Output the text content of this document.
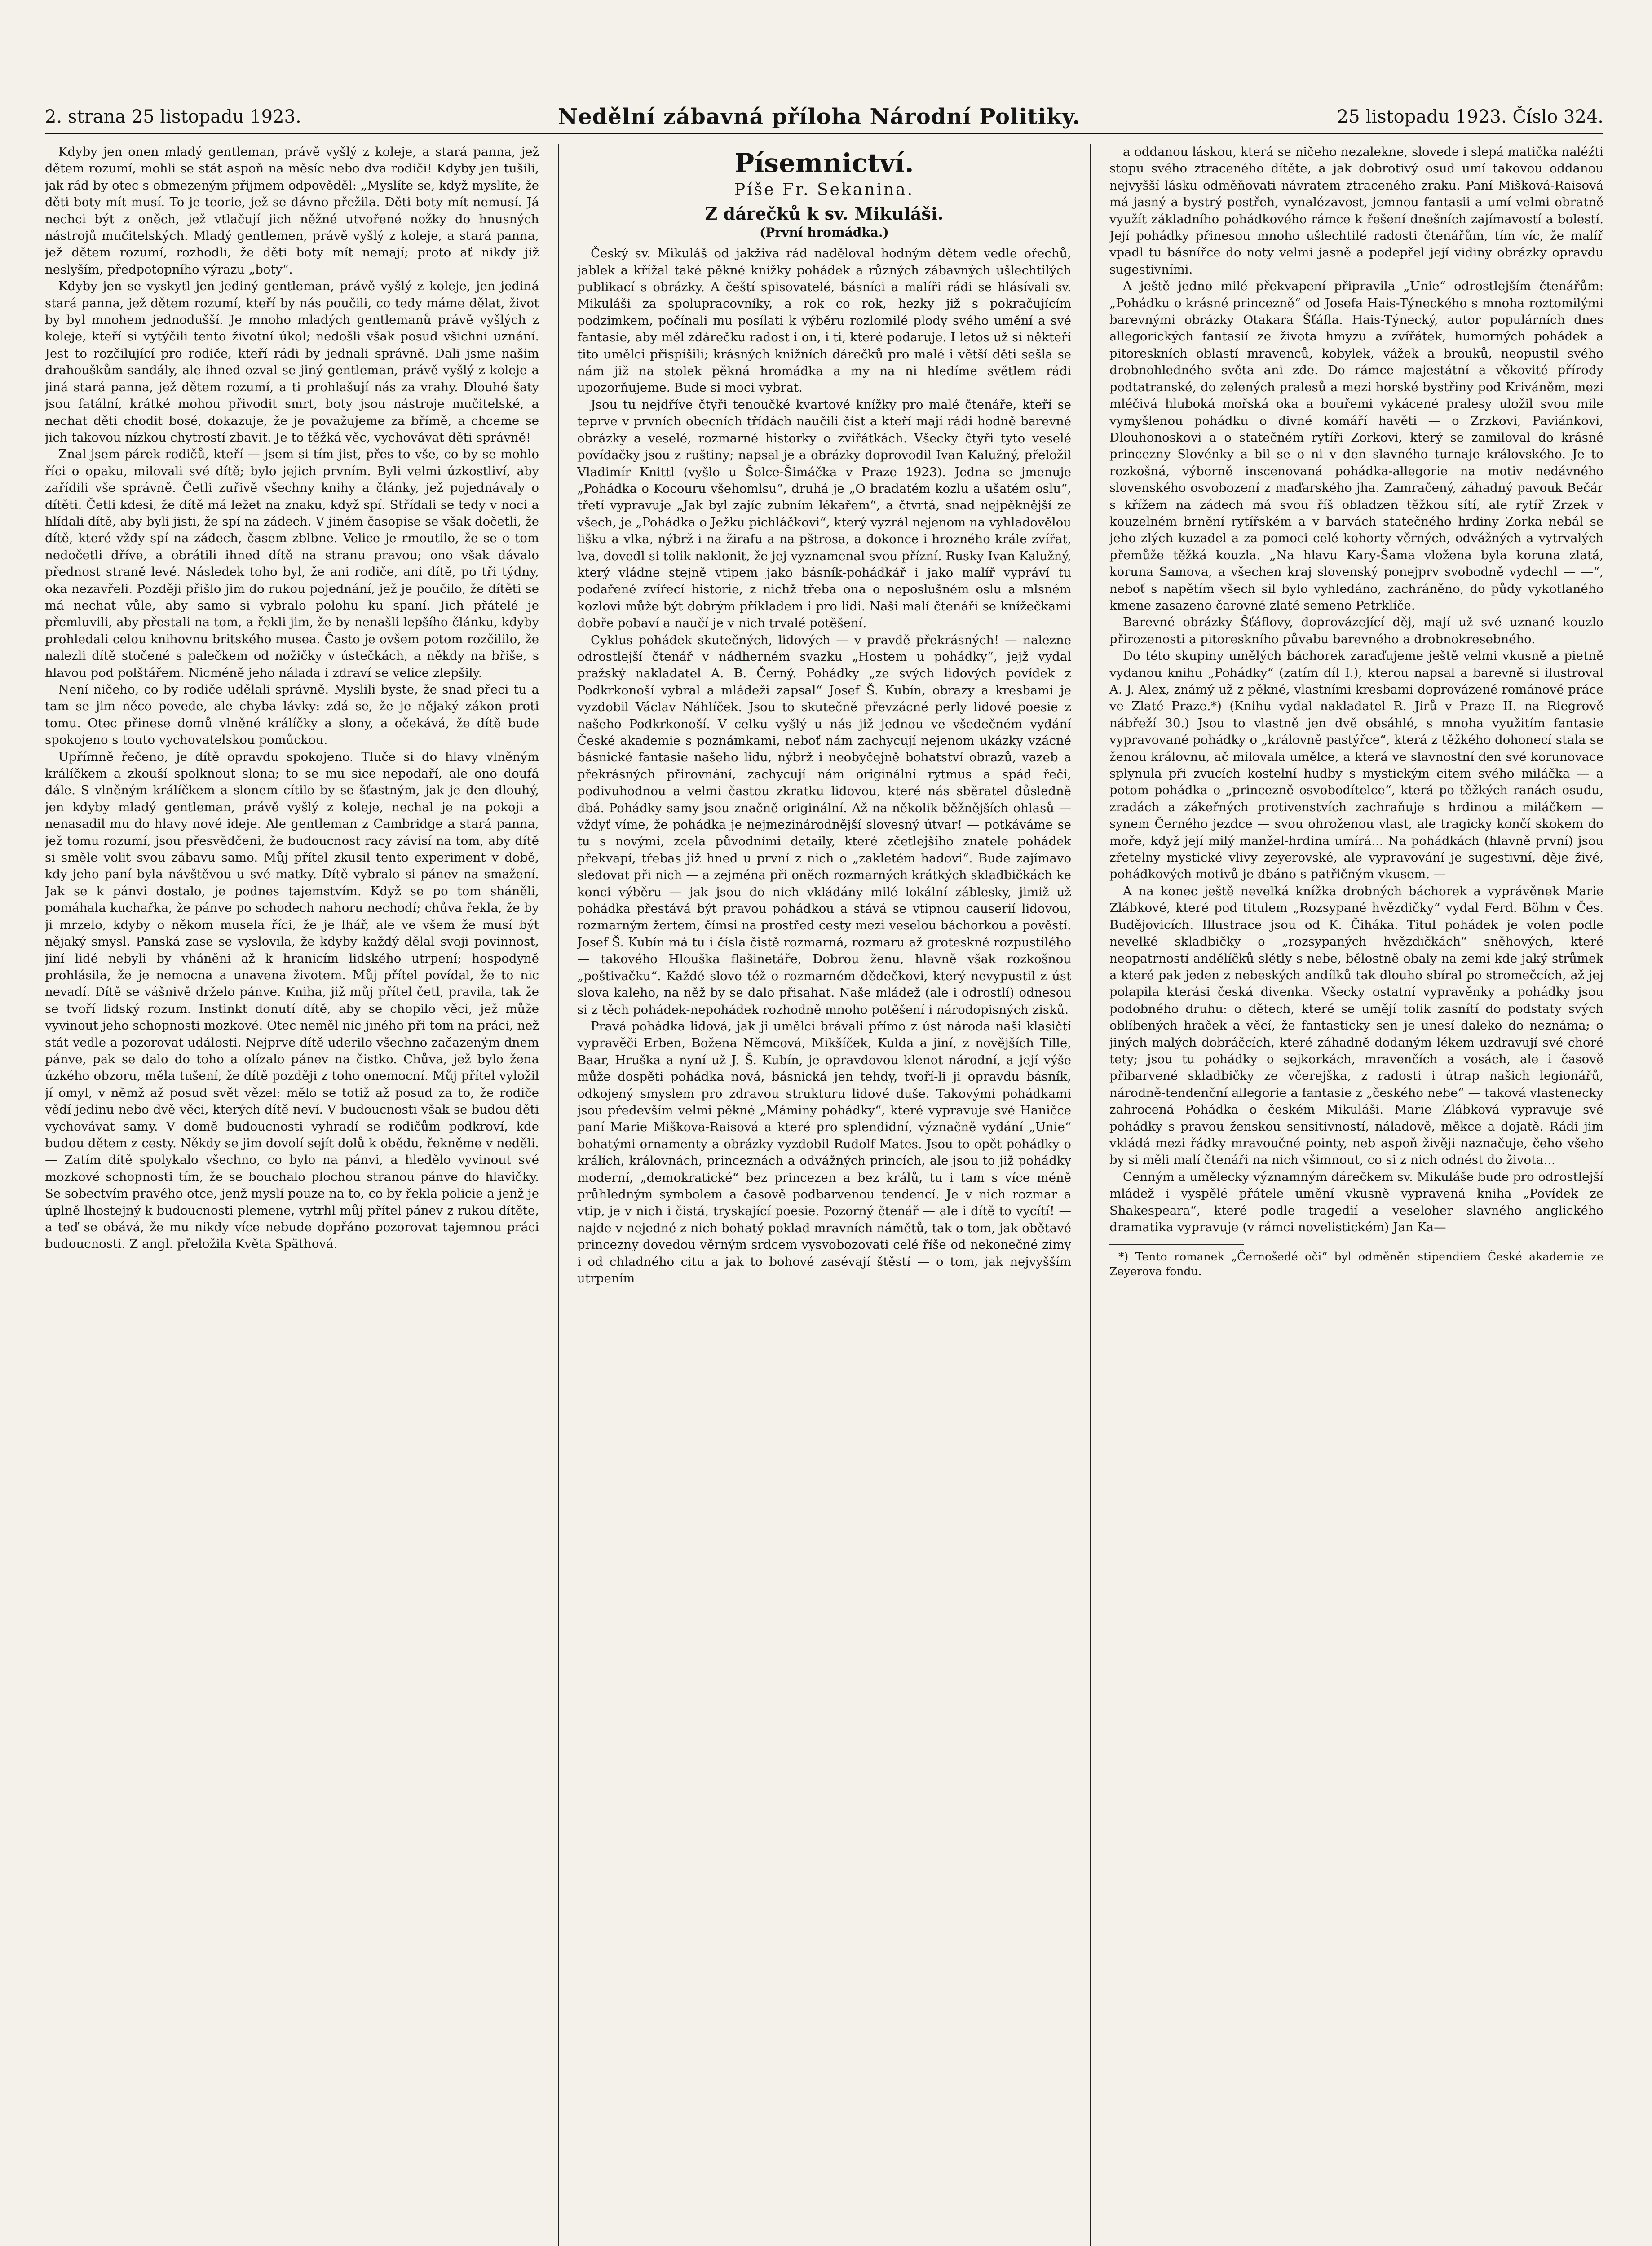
2. strana 25 listopadu 1923.	Nedělní zábavná příloha Národní Politiky.	25 listopadu 1923. Číslo 324.

Kdyby jen onen mladý gentleman, právě vyšlý z koleje, a stará panna, jež dětem rozumí, mohli se stát aspoň na měsíc nebo dva rodiči! Kdyby jen tušili, jak rád by otec s obmezeným přijmem odpověděl: „Myslíte se, když myslíte, že děti boty mít musí. To je teorie, jež se dávno přežila. Děti boty mít nemusí. Já nechci být z oněch, jež vtlačují jich něžné utvořené nožky do hnusných nástrojů mučitelských. Mladý gentlemen, právě vyšlý z koleje, a stará panna, jež dětem rozumí, rozhodli, že děti boty mít nemají; proto ať nikdy již neslyším, předpotopního výrazu „boty“.

Kdyby jen se vyskytl jen jediný gentleman, právě vyšlý z koleje, jen jediná stará panna, jež dětem rozumí, kteří by nás poučili, co tedy máme dělat, život by byl mnohem jednodušší. Je mnoho mladých gentlemanů právě vyšlých z koleje, kteří si vytýčili tento životní úkol; nedošli však posud všichni uznání. Jest to rozčilující pro rodiče, kteří rádi by jednali správně. Dali jsme našim drahouškům sandály, ale ihned ozval se jiný gentleman, právě vyšlý z koleje a jiná stará panna, jež dětem rozumí, a ti prohlašují nás za vrahy. Dlouhé šaty jsou fatální, krátké mohou přivodit smrt, boty jsou nástroje mučitelské, a nechat děti chodit bosé, dokazuje, že je považujeme za břímě, a chceme se jich takovou nízkou chytrostí zbavit. Je to těžká věc, vychovávat děti správně!

Znal jsem párek rodičů, kteří — jsem si tím jist, přes to vše, co by se mohlo říci o opaku, milovali své dítě; bylo jejich prvním. Byli velmi úzkostliví, aby zařídili vše správně. Četli zuřivě všechny knihy a články, jež pojednávaly o dítěti. Četli kdesi, že dítě má ležet na znaku, když spí. Střídali se tedy v noci a hlídali dítě, aby byli jisti, že spí na zádech. V jiném časopise se však dočetli, že dítě, které vždy spí na zádech, časem zblbne. Velice je rmoutilo, že se o tom nedočetli dříve, a obrátili ihned dítě na stranu pravou; ono však dávalo přednost straně levé. Následek toho byl, že ani rodiče, ani dítě, po tři týdny, oka nezavřeli. Později přišlo jim do rukou pojednání, jež je poučilo, že dítěti se má nechat vůle, aby samo si vybralo polohu ku spaní. Jich přátelé je přemluvili, aby přestali na tom, a řekli jim, že by nenašli lepšího článku, kdyby prohledali celou knihovnu britského musea. Často je ovšem potom rozčililo, že nalezli dítě stočené s palečkem od nožičky v ústečkách, a někdy na břiše, s hlavou pod polštářem. Nicméně jeho nálada i zdraví se velice zlepšily.

Není ničeho, co by rodiče udělali správně. Myslili byste, že snad přeci tu a tam se jim něco povede, ale chyba lávky: zdá se, že je nějaký zákon proti tomu. Otec přinese domů vlněné králíčky a slony, a očekává, že dítě bude spokojeno s touto vychovatelskou pomůckou.

Upřímně řečeno, je dítě opravdu spokojeno. Tluče si do hlavy vlněným králíčkem a zkouší spolknout slona; to se mu sice nepodaří, ale ono doufá dále. S vlněným králíčkem a slonem cítilo by se šťastným, jak je den dlouhý, jen kdyby mladý gentleman, právě vyšlý z koleje, nechal je na pokoji a nenasadil mu do hlavy nové ideje. Ale gentleman z Cambridge a stará panna, jež tomu rozumí, jsou přesvědčeni, že budoucnost racy závisí na tom, aby dítě si směle volit svou zábavu samo. Můj přítel zkusil tento experiment v době, kdy jeho paní byla návštěvou u své matky. Dítě vybralo si pánev na smažení. Jak se k pánvi dostalo, je podnes tajemstvím. Když se po tom sháněli, pomáhala kuchařka, že pánve po schodech nahoru nechodí; chůva řekla, že by ji mrzelo, kdyby o někom musela říci, že je lhář, ale ve všem že musí být nějaký smysl. Panská zase se vyslovila, že kdyby každý dělal svoji povinnost, jiní lidé nebyli by vháněni až k hranicím lidského utrpení; hospodyně prohlásila, že je nemocna a unavena životem. Můj přítel povídal, že to nic nevadí. Dítě se vášnivě drželo pánve. Kniha, již můj přítel četl, pravila, tak že se tvoří lidský rozum. Instinkt donutí dítě, aby se chopilo věci, jež může vyvinout jeho schopnosti mozkové. Otec neměl nic jiného při tom na práci, než stát vedle a pozorovat události. Nejprve dítě uderilo všechno začazeným dnem pánve, pak se dalo do toho a olízalo pánev na čistko. Chůva, jež bylo žena úzkého obzoru, měla tušení, že dítě později z toho onemocní. Můj přítel vyložil jí omyl, v němž až posud svět vězel: mělo se totiž až posud za to, že rodiče vědí jedinu nebo dvě věci, kterých dítě neví. V budoucnosti však se budou děti vychovávat samy. V domě budoucnosti vyhradí se rodičům podkroví, kde budou dětem z cesty. Někdy se jim dovolí sejít dolů k obědu, řekněme v neděli. — Zatím dítě spolykalo všechno, co bylo na pánvi, a hledělo vyvinout své mozkové schopnosti tím, že se bouchalo plochou stranou pánve do hlavičky. Se sobectvím pravého otce, jenž myslí pouze na to, co by řekla policie a jenž je úplně lhostejný k budoucnosti plemene, vytrhl můj přítel pánev z rukou dítěte, a teď se obává, že mu nikdy více nebude dopřáno pozorovat tajemnou práci budoucnosti. Z angl. přeložila Květa Späthová.

Písemnictví.
Píše Fr. Sekanina.
Z dárečků k sv. Mikuláši.
(První hromádka.)

Český sv. Mikuláš od jakživa rád naděloval hodným dětem vedle ořechů, jablek a křížal také pěkné knížky pohádek a různých zábavných ušlechtilých publikací s obrázky. A čeští spisovatelé, básníci a malíři rádi se hlásívali sv. Mikuláši za spolupracovníky, a rok co rok, hezky již s pokračujícím podzimkem, počínali mu posílati k výběru rozlomilé plody svého umění a své fantasie, aby měl zdárečku radost i on, i ti, které podaruje. I letos už si někteří tito umělci přispíšili; krásných knižních dárečků pro malé i větší děti sešla se nám již na stolek pěkná hromádka a my na ni hledíme světlem rádi upozorňujeme. Bude si moci vybrat.

Jsou tu nejdříve čtyři tenoučké kvartové knížky pro malé čtenáře, kteří se teprve v prvních obecních třídách naučili číst a kteří mají rádi hodně barevné obrázky a veselé, rozmarné historky o zvířátkách. Všecky čtyři tyto veselé povídačky jsou z ruštiny; napsal je a obrázky doprovodil Ivan Kalužný, přeložil Vladimír Knittl (vyšlo u Šolce-Šimáčka v Praze 1923). Jedna se jmenuje „Pohádka o Kocouru všehomlsu“, druhá je „O bradatém kozlu a ušatém oslu“, třetí vypravuje „Jak byl zajíc zubním lékařem“, a čtvrtá, snad nejpěknější ze všech, je „Pohádka o Ježku pichláčkovi“, který vyzrál nejenom na vyhladovělou lišku a vlka, nýbrž i na žirafu a na pštrosa, a dokonce i hrozného krále zvířat, lva, dovedl si tolik naklonit, že jej vyznamenal svou přízní. Rusky Ivan Kalužný, který vládne stejně vtipem jako básník-pohádkář i jako malíř vypráví tu podařené zvířecí historie, z nichž třeba ona o neposlušném oslu a mlsném kozlovi může být dobrým příkladem i pro lidi. Naši malí čtenáři se knížečkami dobře pobaví a naučí je v nich trvalé potěšení.

Cyklus pohádek skutečných, lidových — v pravdě překrásných! — nalezne odrostlejší čtenář v nádherném svazku „Hostem u pohádky“, jejž vydal pražský nakladatel A. B. Černý. Pohádky „ze svých lidových povídek z Podkrkonoší vybral a mládeži zapsal“ Josef Š. Kubín, obrazy a kresbami je vyzdobil Václav Náhlíček. Jsou to skutečně převzácné perly lidové poesie z našeho Podkrkonoší. V celku vyšlý u nás již jednou ve všedečném vydání České akademie s poznámkami, neboť nám zachycují nejenom ukázky vzácné básnické fantasie našeho lidu, nýbrž i neobyčejně bohatství obrazů, vazeb a překrásných přirovnání, zachycují nám originální rytmus a spád řeči, podivuhodnou a velmi častou zkratku lidovou, které nás sběratel důsledně dbá. Pohádky samy jsou značně originální. Až na několik běžnějších ohlasů — vždyť víme, že pohádka je nejmezinárodnější slovesný útvar! — potkáváme se tu s novými, zcela původními detaily, které zčetlejšího znatele pohádek překvapí, třebas již hned u první z nich o „zakletém hadovi“. Bude zajímavo sledovat při nich — a zejména při oněch rozmarných krátkých skladbičkách ke konci výběru — jak jsou do nich vkládány milé lokální záblesky, jimiž už pohádka přestává být pravou pohádkou a stává se vtipnou causerií lidovou, rozmarným žertem, čímsi na prostřed cesty mezi veselou báchorkou a pověstí. Josef Š. Kubín má tu i čísla čistě rozmarná, rozmaru až groteskně rozpustilého — takového Hlouška flašinetáře, Dobrou ženu, hlavně však rozkošnou „poštivačku“. Každé slovo též o rozmarném dědečkovi, který nevypustil z úst slova kaleho, na něž by se dalo přisahat. Naše mládež (ale i odrostlí) odnesou si z těch pohádek-nepohádek rozhodně mnoho potěšení i národopisných zisků.

Pravá pohádka lidová, jak ji umělci brávali přímo z úst národa naši klasičtí vypravěči Erben, Božena Němcová, Mikšíček, Kulda a jiní, z novějších Tille, Baar, Hruška a nyní už J. Š. Kubín, je opravdovou klenot národní, a její výše může dospěti pohádka nová, básnická jen tehdy, tvoří-li ji opravdu básník, odkojený smyslem pro zdravou strukturu lidové duše. Takovými pohádkami jsou především velmi pěkné „Máminy pohádky“, které vypravuje své Haničce paní Marie Miškova-Raisová a které pro splendidní, význačně vydání „Unie“ bohatými ornamenty a obrázky vyzdobil Rudolf Mates. Jsou to opět pohádky o králích, královnách, princeznách a odvážných princích, ale jsou to již pohádky moderní, „demokratické“ bez princezen a bez králů, tu i tam s více méně průhledným symbolem a časově podbarvenou tendencí. Je v nich rozmar a vtip, je v nich i čistá, tryskající poesie. Pozorný čtenář — ale i dítě to vycítí! — najde v nejedné z nich bohatý poklad mravních námětů, tak o tom, jak obětavé princezny dovedou věrným srdcem vysvobozovati celé říše od nekonečné zimy i od chladného citu a jak to bohové zasévají štěstí — o tom, jak nejvyšším utrpením

a oddanou láskou, která se ničeho nezalekne, slovede i slepá matička naléźti stopu svého ztraceného dítěte, a jak dobrotivý osud umí takovou oddanou nejvyšší lásku odměňovati návratem ztraceného zraku. Paní Mišková-Raisová má jasný a bystrý postřeh, vynalézavost, jemnou fantasii a umí velmi obratně využít základního pohádkového rámce k řešení dnešních zajímavostí a bolestí. Její pohádky přinesou mnoho ušlechtilé radosti čtenářům, tím víc, že malíř vpadl tu básnířce do noty velmi jasně a podepřel její vidiny obrázky opravdu sugestivními.

A ještě jedno milé překvapení připravila „Unie“ odrostlejším čtenářům: „Pohádku o krásné princezně“ od Josefa Hais-Týneckého s mnoha roztomilými barevnými obrázky Otakara Šťáfla. Hais-Týnecký, autor populárních dnes allegorických fantasií ze života hmyzu a zvířátek, humorných pohádek a pitoreskních oblastí mravenců, kobylek, vážek a brouků, neopustil svého drobnohledného světa ani zde. Do rámce majestátní a věkovité přírody podtatranské, do zelených pralesů a mezi horské bystřiny pod Kriváněm, mezi mléčivá hluboká mořská oka a bouřemi vykácené pralesy uložil svou mile vymyšlenou pohádku o divné komáří havěti — o Zrzkovi, Paviánkovi, Dlouhonoskovi a o statečném rytíři Zorkovi, který se zamiloval do krásné princezny Slovénky a bil se o ni v den slavného turnaje královského. Je to rozkošná, výborně inscenovaná pohádka-allegorie na motiv nedávného slovenského osvobození z maďarského jha. Zamračený, záhadný pavouk Bečár s křížem na zádech má svou říš obladzen těžkou sítí, ale rytíř Zrzek v kouzelném brnění rytířském a v barvách statečného hrdiny Zorka nebál se jeho zlých kuzadel a za pomoci celé kohorty věrných, odvážných a vytrvalých přemůže těžká kouzla. „Na hlavu Kary-Šama vložena byla koruna zlatá, koruna Samova, a všechen kraj slovenský ponejprv svobodně vydechl — —“, neboť s napětím všech sil bylo vyhledáno, zachráněno, do půdy vykotlaného kmene zasazeno čarovné zlaté semeno Petrklíče.

Barevné obrázky Šťáflovy, doprovázející děj, mají už své uznané kouzlo přirozenosti a pitoreskního půvabu barevného a drobnokresebného.

Do této skupiny umělých báchorek zaraďujeme ještě velmi vkusně a pietně vydanou knihu „Pohádky“ (zatím díl I.), kterou napsal a barevně si ilustroval A. J. Alex, známý už z pěkné, vlastními kresbami doprovázené románové práce ve Zlaté Praze.*) (Knihu vydal nakladatel R. Jirů v Praze II. na Riegrově nábřeží 30.) Jsou to vlastně jen dvě obsáhlé, s mnoha využitím fantasie vypravované pohádky o „královně pastýřce“, která z těžkého dohonecí stala se ženou královnu, ač milovala umělce, a která ve slavnostní den své korunovace splynula při zvucích kostelní hudby s mystickým citem svého miláčka — a potom pohádka o „princezně osvobodítelce“, která po těžkých ranách osudu, zradách a zákeřných protivenstvích zachraňuje s hrdinou a miláčkem — synem Černého jezdce — svou ohroženou vlast, ale tragicky končí skokem do moře, když její milý manžel-hrdina umírá... Na pohádkách (hlavně první) jsou zřetelny mystické vlivy zeyerovské, ale vypravování je sugestivní, děje živé, pohádkových motivů je dbáno s patřičným vkusem. —

A na konec ještě nevelká knížka drobných báchorek a vyprávěnek Marie Zlábkové, které pod titulem „Rozsypané hvězdičky“ vydal Ferd. Böhm v Čes. Budějovicích. Illustrace jsou od K. Čiháka. Titul pohádek je volen podle nevelké skladbičky o „rozsypaných hvězdičkách“ sněhových, které neopatrností andělíčků slétly s nebe, bělostně obaly na zemi kde jaký strůmek a které pak jeden z nebeských andílků tak dlouho sbíral po stromečcích, až jej polapila kterási česká divenka. Všecky ostatní vypravěnky a pohádky jsou podobného druhu: o dětech, které se umějí tolik zasnítí do podstaty svých oblíbených hraček a věcí, že fantasticky sen je unesí daleko do neznáma; o jiných malých dobráčcích, které záhadně dodaným lékem uzdravují své choré tety; jsou tu pohádky o sejkorkách, mravenčích a vosách, ale i časově přibarvené skladbičky ze včerejška, z radosti i útrap našich legionářů, národně-tendenční allegorie a fantasie z „českého nebe“ — taková vlastenecky zahrocená Pohádka o českém Mikuláši. Marie Zlábková vypravuje své pohádky s pravou ženskou sensitivností, náladově, měkce a dojatě. Rádi jim vkládá mezi řádky mravoučné pointy, neb aspoň živěji naznačuje, čeho všeho by si měli malí čtenáři na nich všimnout, co si z nich odnést do života...

Cenným a umělecky významným dárečkem sv. Mikuláše bude pro odrostlejší mládež i vyspělé přátele umění vkusně vypravená kniha „Povídek ze Shakespeara“, které podle tragedií a veseloher slavného anglického dramatika vypravuje (v rámci novelistickém) Jan Ka—

*) Tento romanek „Černošedé oči“ byl odměněn stipendiem České akademie ze Zeyerova fondu.
